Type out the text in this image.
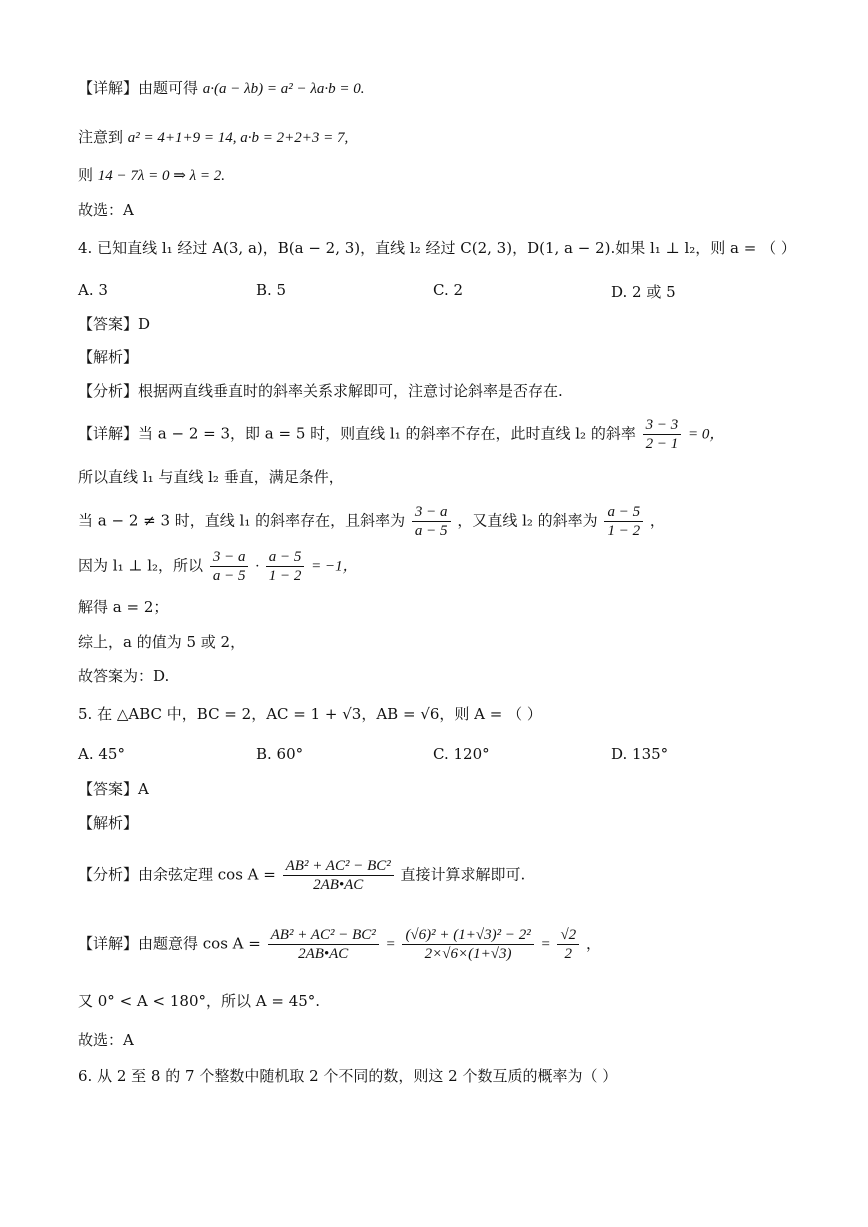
【详解】由题可得 a·(a − λb) = a² − λa·b = 0.
注意到 a² = 4+1+9 = 14, a·b = 2+2+3 = 7,
则 14 − 7λ = 0 ⇒ λ = 2.
故选：A
4. 已知直线 l₁ 经过 A(3, a)，B(a − 2, 3)，直线 l₂ 经过 C(2, 3)，D(1, a − 2).如果 l₁ ⊥ l₂，则 a = （ ）
A. 3	B. 5	C. 2	D. 2 或 5
【答案】D
【解析】
【分析】根据两直线垂直时的斜率关系求解即可，注意讨论斜率是否存在.
【详解】当 a − 2 = 3，即 a = 5 时，则直线 l₁ 的斜率不存在，此时直线 l₂ 的斜率 $\frac{3 - 3}{2 - 1} = 0$，
所以直线 l₁ 与直线 l₂ 垂直，满足条件，
当 a − 2 ≠ 3 时，直线 l₁ 的斜率存在，且斜率为 $\frac{3 - a}{a - 5}$ ，又直线 l₂ 的斜率为 $\frac{a - 5}{1 - 2}$ ，
因为 l₁ ⊥ l₂，所以 $\frac{3 - a}{a - 5} \cdot \frac{a - 5}{1 - 2} = -1$，
解得 a = 2；
综上，a 的值为 5 或 2，
故答案为：D.
5. 在 △ABC 中，BC = 2，AC = 1 + √3，AB = √6，则 A = （ ）
A. 45°	B. 60°	C. 120°	D. 135°
【答案】A
【解析】
【分析】由余弦定理 $\cos A = \frac{\text{AB² + AC² − BC²}}{2AB•AC}$ 直接计算求解即可.
【详解】由题意得 $\cos A = \frac{\text{AB² + AC² − BC²}}{2AB•AC} = \frac{\text{(√6)² + (1+√3)² − 2²}}{2\times√6\times(1+√3)} = \frac{√2}{2}$ ，
又 0° < A < 180°，所以 A = 45°.
故选：A
6. 从 2 至 8 的 7 个整数中随机取 2 个不同的数，则这 2 个数互质的概率为（ ）
